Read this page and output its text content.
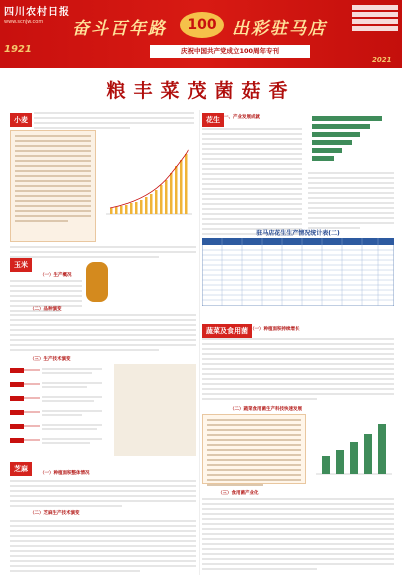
四川农村日报
www.scnjw.com
1921
2021
奋斗百年路	100 出彩驻马店
庆祝中国共产党成立100周年专刊
粮丰菜茂菌菇香
小麦	花生 一、产业发展成就
驻马店花生生产情况统计表(二)
玉米
（一）生产概况
（二）品种演变
（三）生产技术演变
芝麻
（一）种植面积整体情况
（二）芝麻生产技术演变
蔬菜及食用菌 （一）种植面积持续增长
（二）蔬菜食用菌生产科技快速发展
（三）食用菌产业化
